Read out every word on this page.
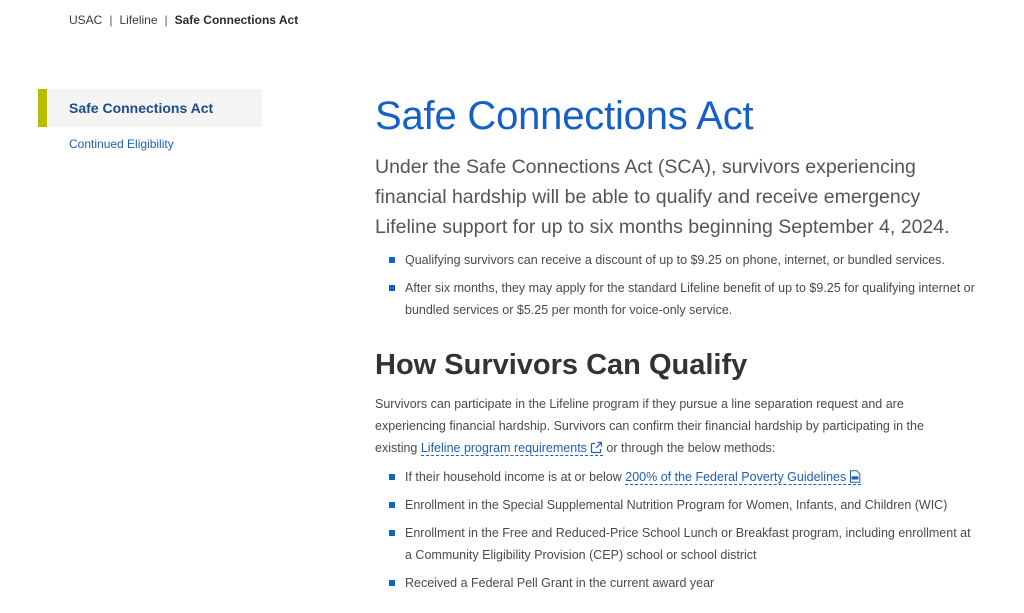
USAC | Lifeline | Safe Connections Act
Safe Connections Act
Continued Eligibility
Safe Connections Act

Under the Safe Connections Act (SCA), survivors experiencing financial hardship will be able to qualify and receive emergency Lifeline support for up to six months beginning September 4, 2024.

Qualifying survivors can receive a discount of up to $9.25 on phone, internet, or bundled services.
After six months, they may apply for the standard Lifeline benefit of up to $9.25 for qualifying internet or bundled services or $5.25 per month for voice-only service.
How Survivors Can Qualify

Survivors can participate in the Lifeline program if they pursue a line separation request and are experiencing financial hardship. Survivors can confirm their financial hardship by participating in the existing Lifeline program requirements or through the below methods:

If their household income is at or below 200% of the Federal Poverty Guidelines
Enrollment in the Special Supplemental Nutrition Program for Women, Infants, and Children (WIC)
Enrollment in the Free and Reduced-Price School Lunch or Breakfast program, including enrollment at a Community Eligibility Provision (CEP) school or school district
Received a Federal Pell Grant in the current award year
